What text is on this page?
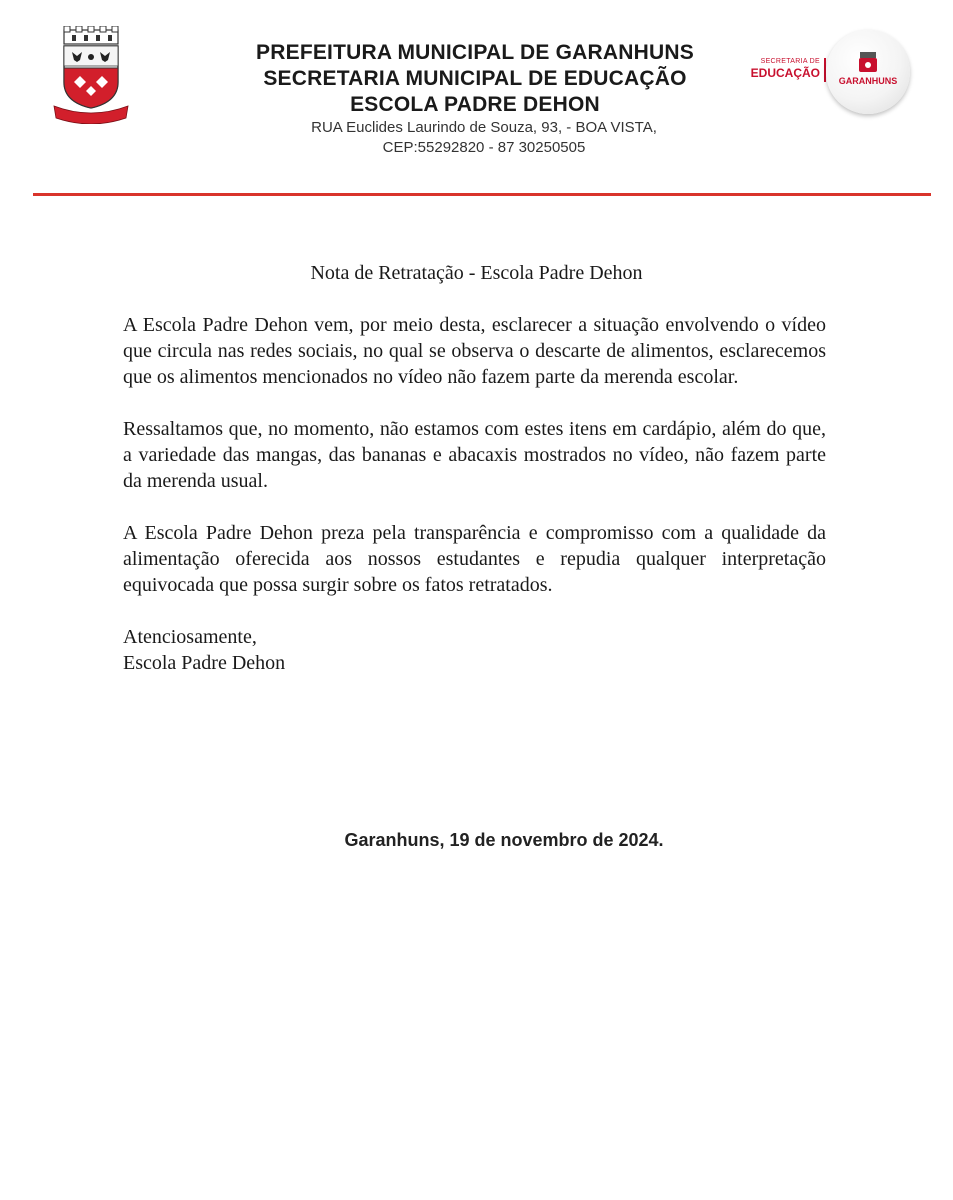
PREFEITURA MUNICIPAL DE GARANHUNS
SECRETARIA MUNICIPAL DE EDUCAÇÃO
ESCOLA PADRE DEHON
RUA Euclides Laurindo de Souza, 93, - BOA VISTA,
CEP:55292820 - 87 30250505
SECRETARIA DE
EDUCAÇÃO
GARANHUNS
Nota de Retratação - Escola Padre Dehon

A Escola Padre Dehon vem, por meio desta, esclarecer a situação envolvendo o vídeo que circula nas redes sociais, no qual se observa o descarte de alimentos, esclarecemos que os alimentos mencionados no vídeo não fazem parte da merenda escolar.

Ressaltamos que, no momento, não estamos com estes itens em cardápio, além do que, a variedade das mangas, das bananas e abacaxis mostrados no vídeo, não fazem parte da merenda usual.

A Escola Padre Dehon preza pela transparência e compromisso com a qualidade da alimentação oferecida aos nossos estudantes e repudia qualquer interpretação equivocada que possa surgir sobre os fatos retratados.

Atenciosamente,
Escola Padre Dehon
Garanhuns, 19 de novembro de 2024.
